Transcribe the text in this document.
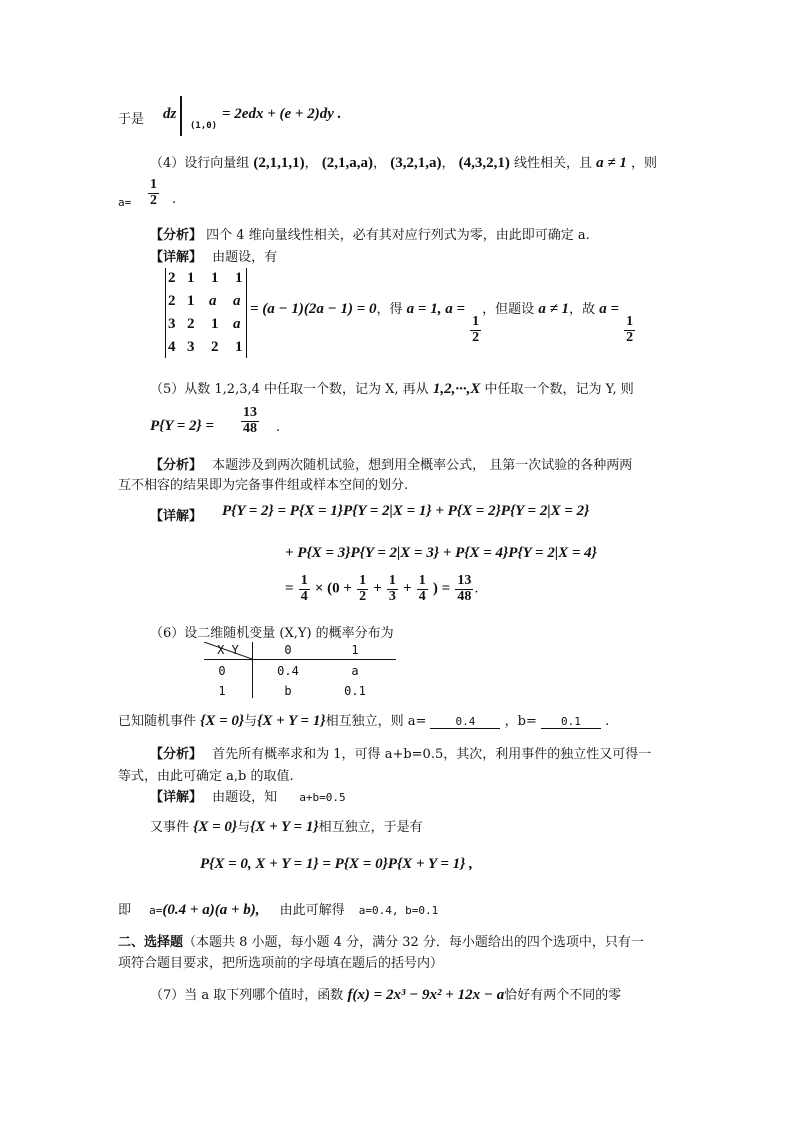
于是 dz
(1,0)
= 2edx + (e + 2)dy .
（4）设行向量组 (2,1,1,1)， (2,1,a,a)， (3,2,1,a)， (4,3,2,1) 线性相关，且 a ≠ 1 ，则
$a= \frac{1}{2}$ .
【分析】 四个 4 维向量线性相关，必有其对应行列式为零，由此即可确定 a.
【详解】 由题设，有
2 1 1 1
2 1 a a
3 2 1 a
4 3 2 1
= (a − 1)(2a − 1) = 0，得 a = 1, a =
$\frac{1}{2}$
，但题设 a ≠ 1，故 a =
$\frac{1}{2}$
（5）从数 1,2,3,4 中任取一个数，记为 X, 再从 1,2,···,X 中任取一个数，记为 Y, 则
$P\{Y = 2\} = \frac{13}{48}$ .
【分析】 本题涉及到两次随机试验，想到用全概率公式， 且第一次试验的各种两两
互不相容的结果即为完备事件组或样本空间的划分.
【详解】 P{Y = 2} = P{X = 1}P{Y = 2|X = 1} + P{X = 2}P{Y = 2|X = 2}
+ P{X = 3}P{Y = 2|X = 3} + P{X = 4}P{Y = 2|X = 4}
= $\frac{1}{4} \times (0 + \frac{1}{2} + \frac{1}{3} + \frac{1}{4}$ ) = $\frac{13}{48}$ .
（6）设二维随机变量 (X,Y) 的概率分布为
X Y	0	1
0	0.4	a
1	b	0.1
已知随机事件 {X = 0}与{X + Y = 1}相互独立，则 a=	0.4 ，b= 0.1 .
【分析】 首先所有概率求和为 1，可得 a+b=0.5，其次，利用事件的独立性又可得一
等式，由此可确定 a,b 的取值.
【详解】 由题设，知 a+b=0.5
又事件 {X = 0}与{X + Y = 1}相互独立，于是有
P{X = 0, X + Y = 1} = P{X = 0}P{X + Y = 1} ,
即 a=(0.4 + a)(a + b), 由此可解得 a=0.4, b=0.1
二、选择题（本题共 8 小题，每小题 4 分，满分 32 分．每小题给出的四个选项中，只有一
项符合题目要求，把所选项前的字母填在题后的括号内）
（7）当 a 取下列哪个值时，函数 f(x) = 2x³ − 9x² + 12x − a恰好有两个不同的零
